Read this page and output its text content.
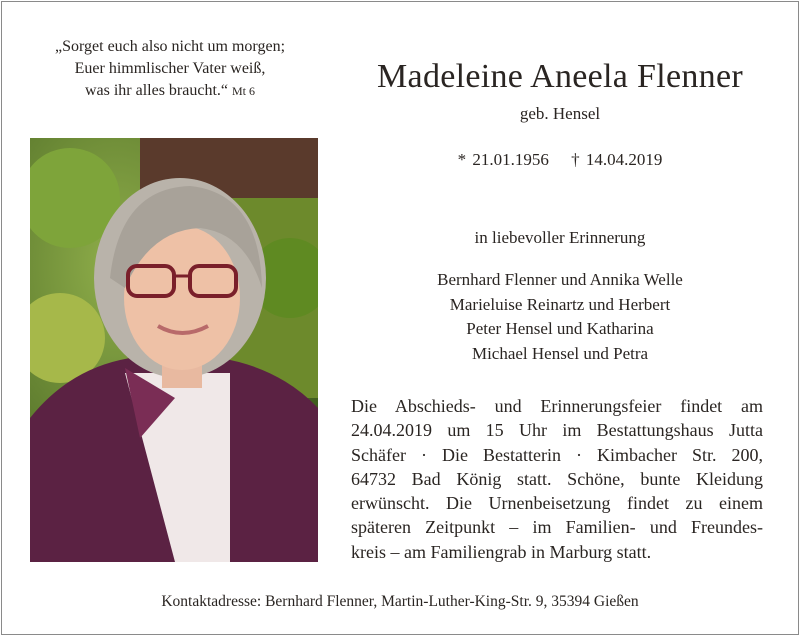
„Sorget euch also nicht um morgen;
Euer himmlischer Vater weiß,
was ihr alles braucht.“ Mt 6	Madeleine Aneela Flenner
geb. Hensel
* 21.01.1956 † 14.04.2019
in liebevoller Erinnerung
Bernhard Flenner und Annika Welle
Marieluise Reinartz und Herbert
Peter Hensel und Katharina
Michael Hensel und Petra
Die Abschieds- und Erinnerungsfeier findet am
24.04.2019 um 15 Uhr im Bestattungshaus Jutta
Schäfer · Die Bestatterin · Kimbacher Str. 200,
64732 Bad König statt. Schöne, bunte Kleidung
erwünscht. Die Urnenbeisetzung findet zu einem
späteren Zeitpunkt – im Familien- und Freundes-
kreis – am Familiengrab in Marburg statt.
Kontaktadresse: Bernhard Flenner, Martin-Luther-King-Str. 9, 35394 Gießen
